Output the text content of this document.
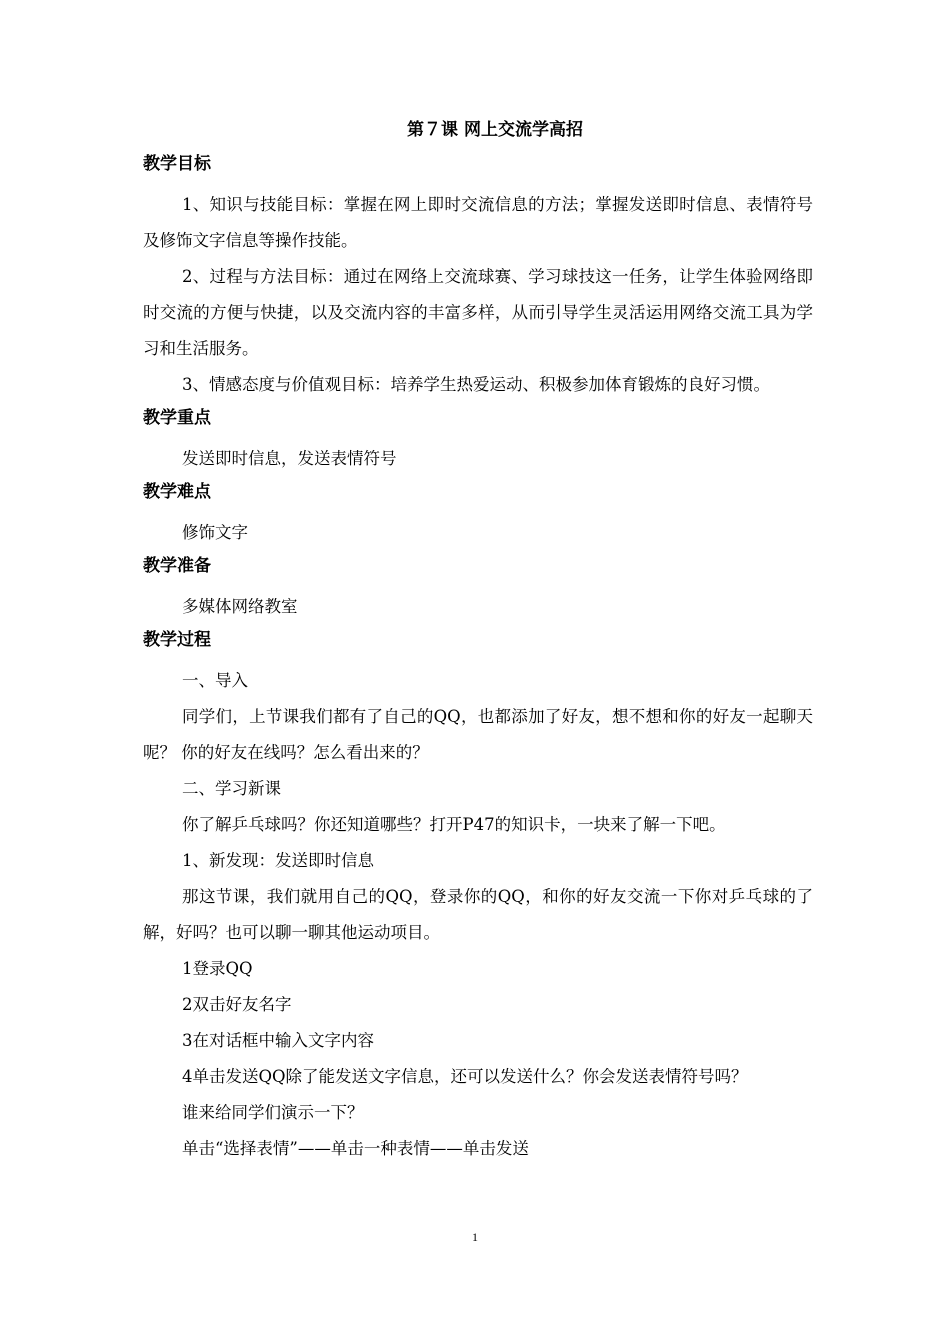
第７课 网上交流学高招
教学目标

1、知识与技能目标：掌握在网上即时交流信息的方法；掌握发送即时信息、表情符号及修饰文字信息等操作技能。

2、过程与方法目标：通过在网络上交流球赛、学习球技这一任务，让学生体验网络即时交流的方便与快捷，以及交流内容的丰富多样，从而引导学生灵活运用网络交流工具为学习和生活服务。

3、情感态度与价值观目标：培养学生热爱运动、积极参加体育锻炼的良好习惯。

教学重点

发送即时信息，发送表情符号

教学难点

修饰文字

教学准备

多媒体网络教室

教学过程

一、导入

同学们，上节课我们都有了自己的QQ，也都添加了好友，想不想和你的好友一起聊天呢？ 你的好友在线吗？怎么看出来的？

二、学习新课

你了解乒乓球吗？你还知道哪些？打开P47的知识卡，一块来了解一下吧。

1、新发现：发送即时信息

那这节课，我们就用自己的QQ，登录你的QQ，和你的好友交流一下你对乒乓球的了解，好吗？也可以聊一聊其他运动项目。

1登录QQ

2双击好友名字

3在对话框中输入文字内容

4单击发送QQ除了能发送文字信息，还可以发送什么？你会发送表情符号吗？

谁来给同学们演示一下？

单击“选择表情”——单击一种表情——单击发送

1
